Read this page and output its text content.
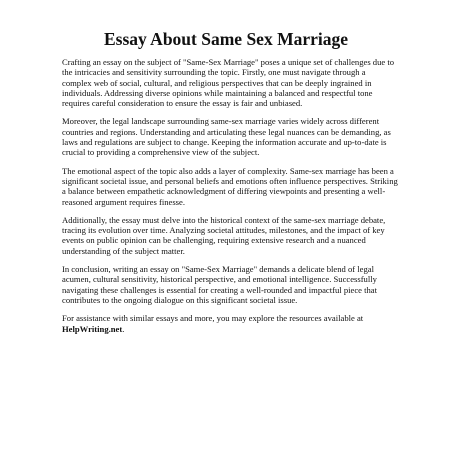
Essay About Same Sex Marriage

Crafting an essay on the subject of "Same-Sex Marriage" poses a unique set of challenges due to
the intricacies and sensitivity surrounding the topic. Firstly, one must navigate through a
complex web of social, cultural, and religious perspectives that can be deeply ingrained in
individuals. Addressing diverse opinions while maintaining a balanced and respectful tone
requires careful consideration to ensure the essay is fair and unbiased.

Moreover, the legal landscape surrounding same-sex marriage varies widely across different
countries and regions. Understanding and articulating these legal nuances can be demanding, as
laws and regulations are subject to change. Keeping the information accurate and up-to-date is
crucial to providing a comprehensive view of the subject.

The emotional aspect of the topic also adds a layer of complexity. Same-sex marriage has been a
significant societal issue, and personal beliefs and emotions often influence perspectives. Striking
a balance between empathetic acknowledgment of differing viewpoints and presenting a well-
reasoned argument requires finesse.

Additionally, the essay must delve into the historical context of the same-sex marriage debate,
tracing its evolution over time. Analyzing societal attitudes, milestones, and the impact of key
events on public opinion can be challenging, requiring extensive research and a nuanced
understanding of the subject matter.

In conclusion, writing an essay on "Same-Sex Marriage" demands a delicate blend of legal
acumen, cultural sensitivity, historical perspective, and emotional intelligence. Successfully
navigating these challenges is essential for creating a well-rounded and impactful piece that
contributes to the ongoing dialogue on this significant societal issue.

For assistance with similar essays and more, you may explore the resources available at
HelpWriting.net.
